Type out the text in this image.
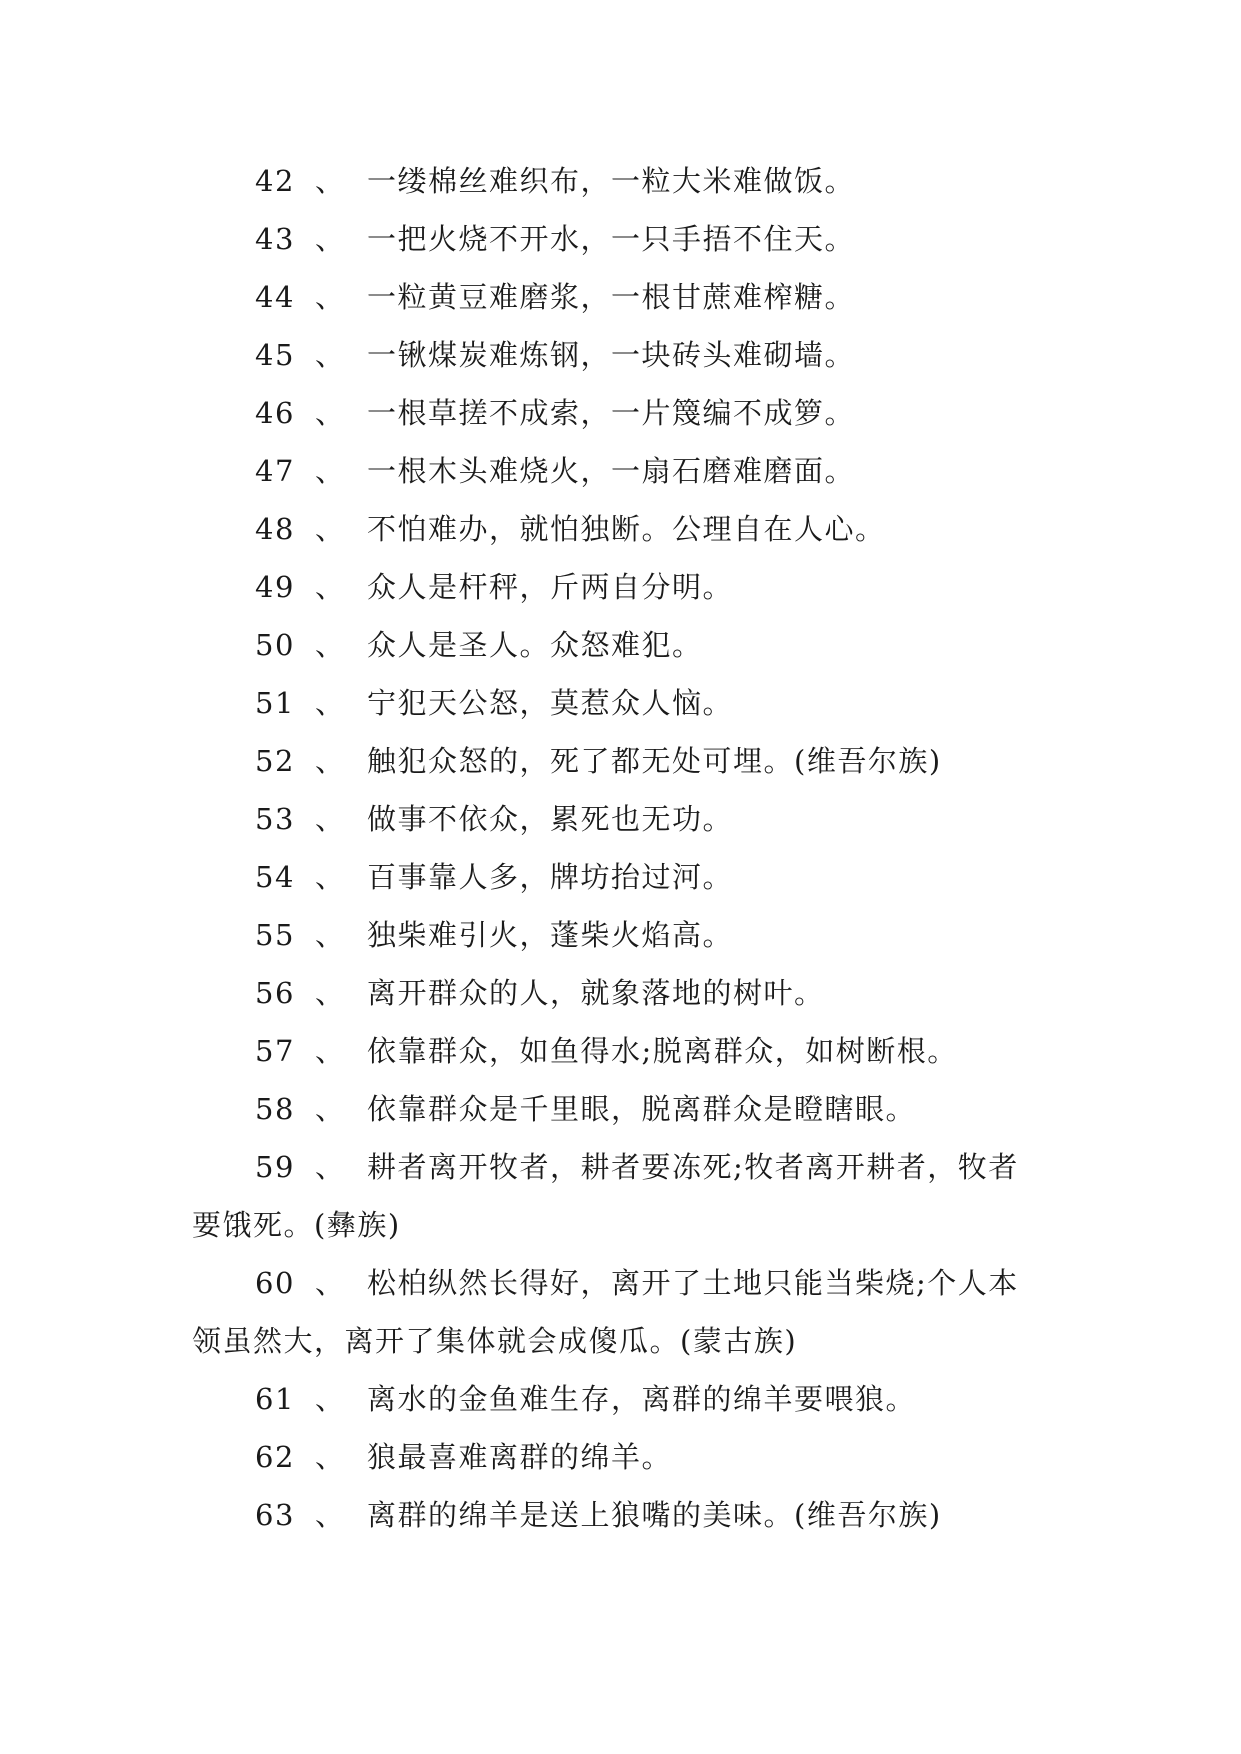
42 、 一缕棉丝难织布，一粒大米难做饭。
43 、 一把火烧不开水，一只手捂不住天。
44 、 一粒黄豆难磨浆，一根甘蔗难榨糖。
45 、 一锹煤炭难炼钢，一块砖头难砌墙。
46 、 一根草搓不成索，一片篾编不成箩。
47 、 一根木头难烧火，一扇石磨难磨面。
48 、 不怕难办，就怕独断。公理自在人心。
49 、 众人是杆秤，斤两自分明。
50 、 众人是圣人。众怒难犯。
51 、 宁犯天公怒，莫惹众人恼。
52 、 触犯众怒的，死了都无处可埋。(维吾尔族)
53 、 做事不依众，累死也无功。
54 、 百事靠人多，牌坊抬过河。
55 、 独柴难引火，蓬柴火焰高。
56 、 离开群众的人，就象落地的树叶。
57 、 依靠群众，如鱼得水;脱离群众，如树断根。
58 、 依靠群众是千里眼，脱离群众是瞪瞎眼。
59 、 耕者离开牧者，耕者要冻死;牧者离开耕者，牧者
要饿死。(彝族)
60 、 松柏纵然长得好，离开了土地只能当柴烧;个人本
领虽然大，离开了集体就会成傻瓜。(蒙古族)
61 、 离水的金鱼难生存，离群的绵羊要喂狼。
62 、 狼最喜难离群的绵羊。
63 、 离群的绵羊是送上狼嘴的美味。(维吾尔族)
